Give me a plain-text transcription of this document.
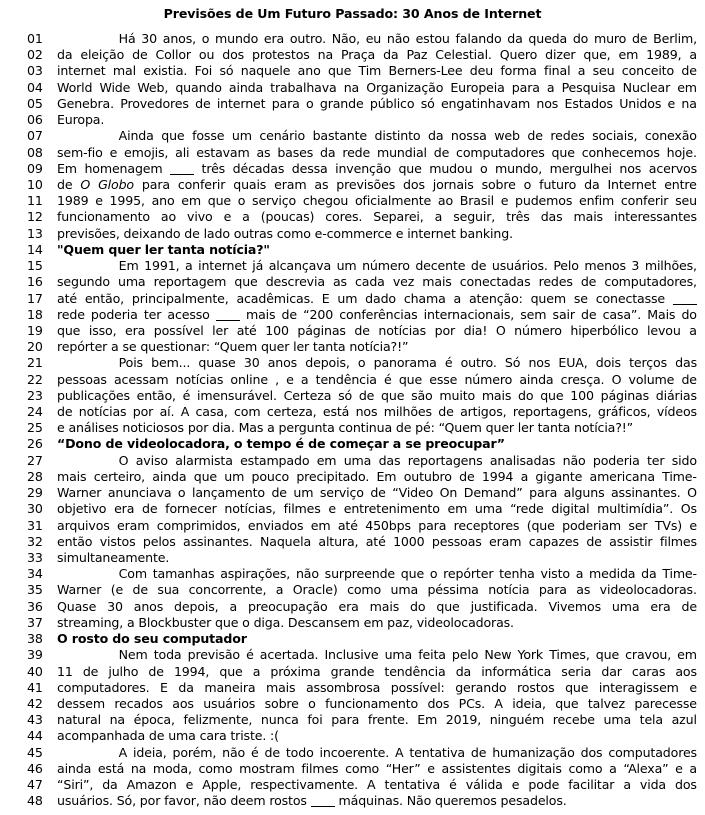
Previsões de Um Futuro Passado: 30 Anos de Internet
01	Há 30 anos, o mundo era outro. Não, eu não estou falando da queda do muro de Berlim,
02	da eleição de Collor ou dos protestos na Praça da Paz Celestial. Quero dizer que, em 1989, a
03	internet mal existia. Foi só naquele ano que Tim Berners-Lee deu forma final a seu conceito de
04	World Wide Web, quando ainda trabalhava na Organização Europeia para a Pesquisa Nuclear em
05	Genebra. Provedores de internet para o grande público só engatinhavam nos Estados Unidos e na
06	Europa.
07	Ainda que fosse um cenário bastante distinto da nossa web de redes sociais, conexão
08	sem-fio e emojis, ali estavam as bases da rede mundial de computadores que conhecemos hoje.
09	Em homenagem	três décadas dessa invenção que mudou o mundo, mergulhei nos acervos
10	de O Globo para conferir quais eram as previsões dos jornais sobre o futuro da Internet entre
11	1989 e 1995, ano em que o serviço chegou oficialmente ao Brasil e pudemos enfim conferir seu
12	funcionamento ao vivo e a (poucas) cores. Separei, a seguir, três das mais interessantes
13	previsões, deixando de lado outras como e-commerce e internet banking.
14	"Quem quer ler tanta notícia?"
15	Em 1991, a internet já alcançava um número decente de usuários. Pelo menos 3 milhões,
16	segundo uma reportagem que descrevia as cada vez mais conectadas redes de computadores,
17	até então, principalmente, acadêmicas. E um dado chama a atenção: quem se conectasse
18	rede poderia ter acesso	mais de “200 conferências internacionais, sem sair de casa”. Mais do
19	que isso, era possível ler até 100 páginas de notícias por dia! O número hiperbólico levou a
20	repórter a se questionar: “Quem quer ler tanta notícia?!”
21	Pois bem... quase 30 anos depois, o panorama é outro. Só nos EUA, dois terços das
22	pessoas acessam notícias online , e a tendência é que esse número ainda cresça. O volume de
23	publicações então, é imensurável. Certeza só de que são muito mais do que 100 páginas diárias
24	de notícias por aí. A casa, com certeza, está nos milhões de artigos, reportagens, gráficos, vídeos
25	e análises noticiosos por dia. Mas a pergunta continua de pé: “Quem quer ler tanta notícia?!”
26	“Dono de videolocadora, o tempo é de começar a se preocupar”
27	O aviso alarmista estampado em uma das reportagens analisadas não poderia ter sido
28	mais certeiro, ainda que um pouco precipitado. Em outubro de 1994 a gigante americana Time-
29	Warner anunciava o lançamento de um serviço de “Video On Demand” para alguns assinantes. O
30	objetivo era de fornecer notícias, filmes e entretenimento em uma “rede digital multimídia”. Os
31	arquivos eram comprimidos, enviados em até 450bps para receptores (que poderiam ser TVs) e
32	então vistos pelos assinantes. Naquela altura, até 1000 pessoas eram capazes de assistir filmes
33	simultaneamente.
34	Com tamanhas aspirações, não surpreende que o repórter tenha visto a medida da Time-
35	Warner (e de sua concorrente, a Oracle) como uma péssima notícia para as videolocadoras.
36	Quase 30 anos depois, a preocupação era mais do que justificada. Vivemos uma era de
37	streaming, a Blockbuster que o diga. Descansem em paz, videolocadoras.
38	O rosto do seu computador
39	Nem toda previsão é acertada. Inclusive uma feita pelo New York Times, que cravou, em
40	11 de julho de 1994, que a próxima grande tendência da informática seria dar caras aos
41	computadores. E da maneira mais assombrosa possível: gerando rostos que interagissem e
42	dessem recados aos usuários sobre o funcionamento dos PCs. A ideia, que talvez parecesse
43	natural na época, felizmente, nunca foi para frente. Em 2019, ninguém recebe uma tela azul
44	acompanhada de uma cara triste. :(
45	A ideia, porém, não é de todo incoerente. A tentativa de humanização dos computadores
46	ainda está na moda, como mostram filmes como “Her” e assistentes digitais como a “Alexa” e a
47	“Siri”, da Amazon e Apple, respectivamente. A tentativa é válida e pode facilitar a vida dos
48	usuários. Só, por favor, não deem rostos  máquinas. Não queremos pesadelos.
